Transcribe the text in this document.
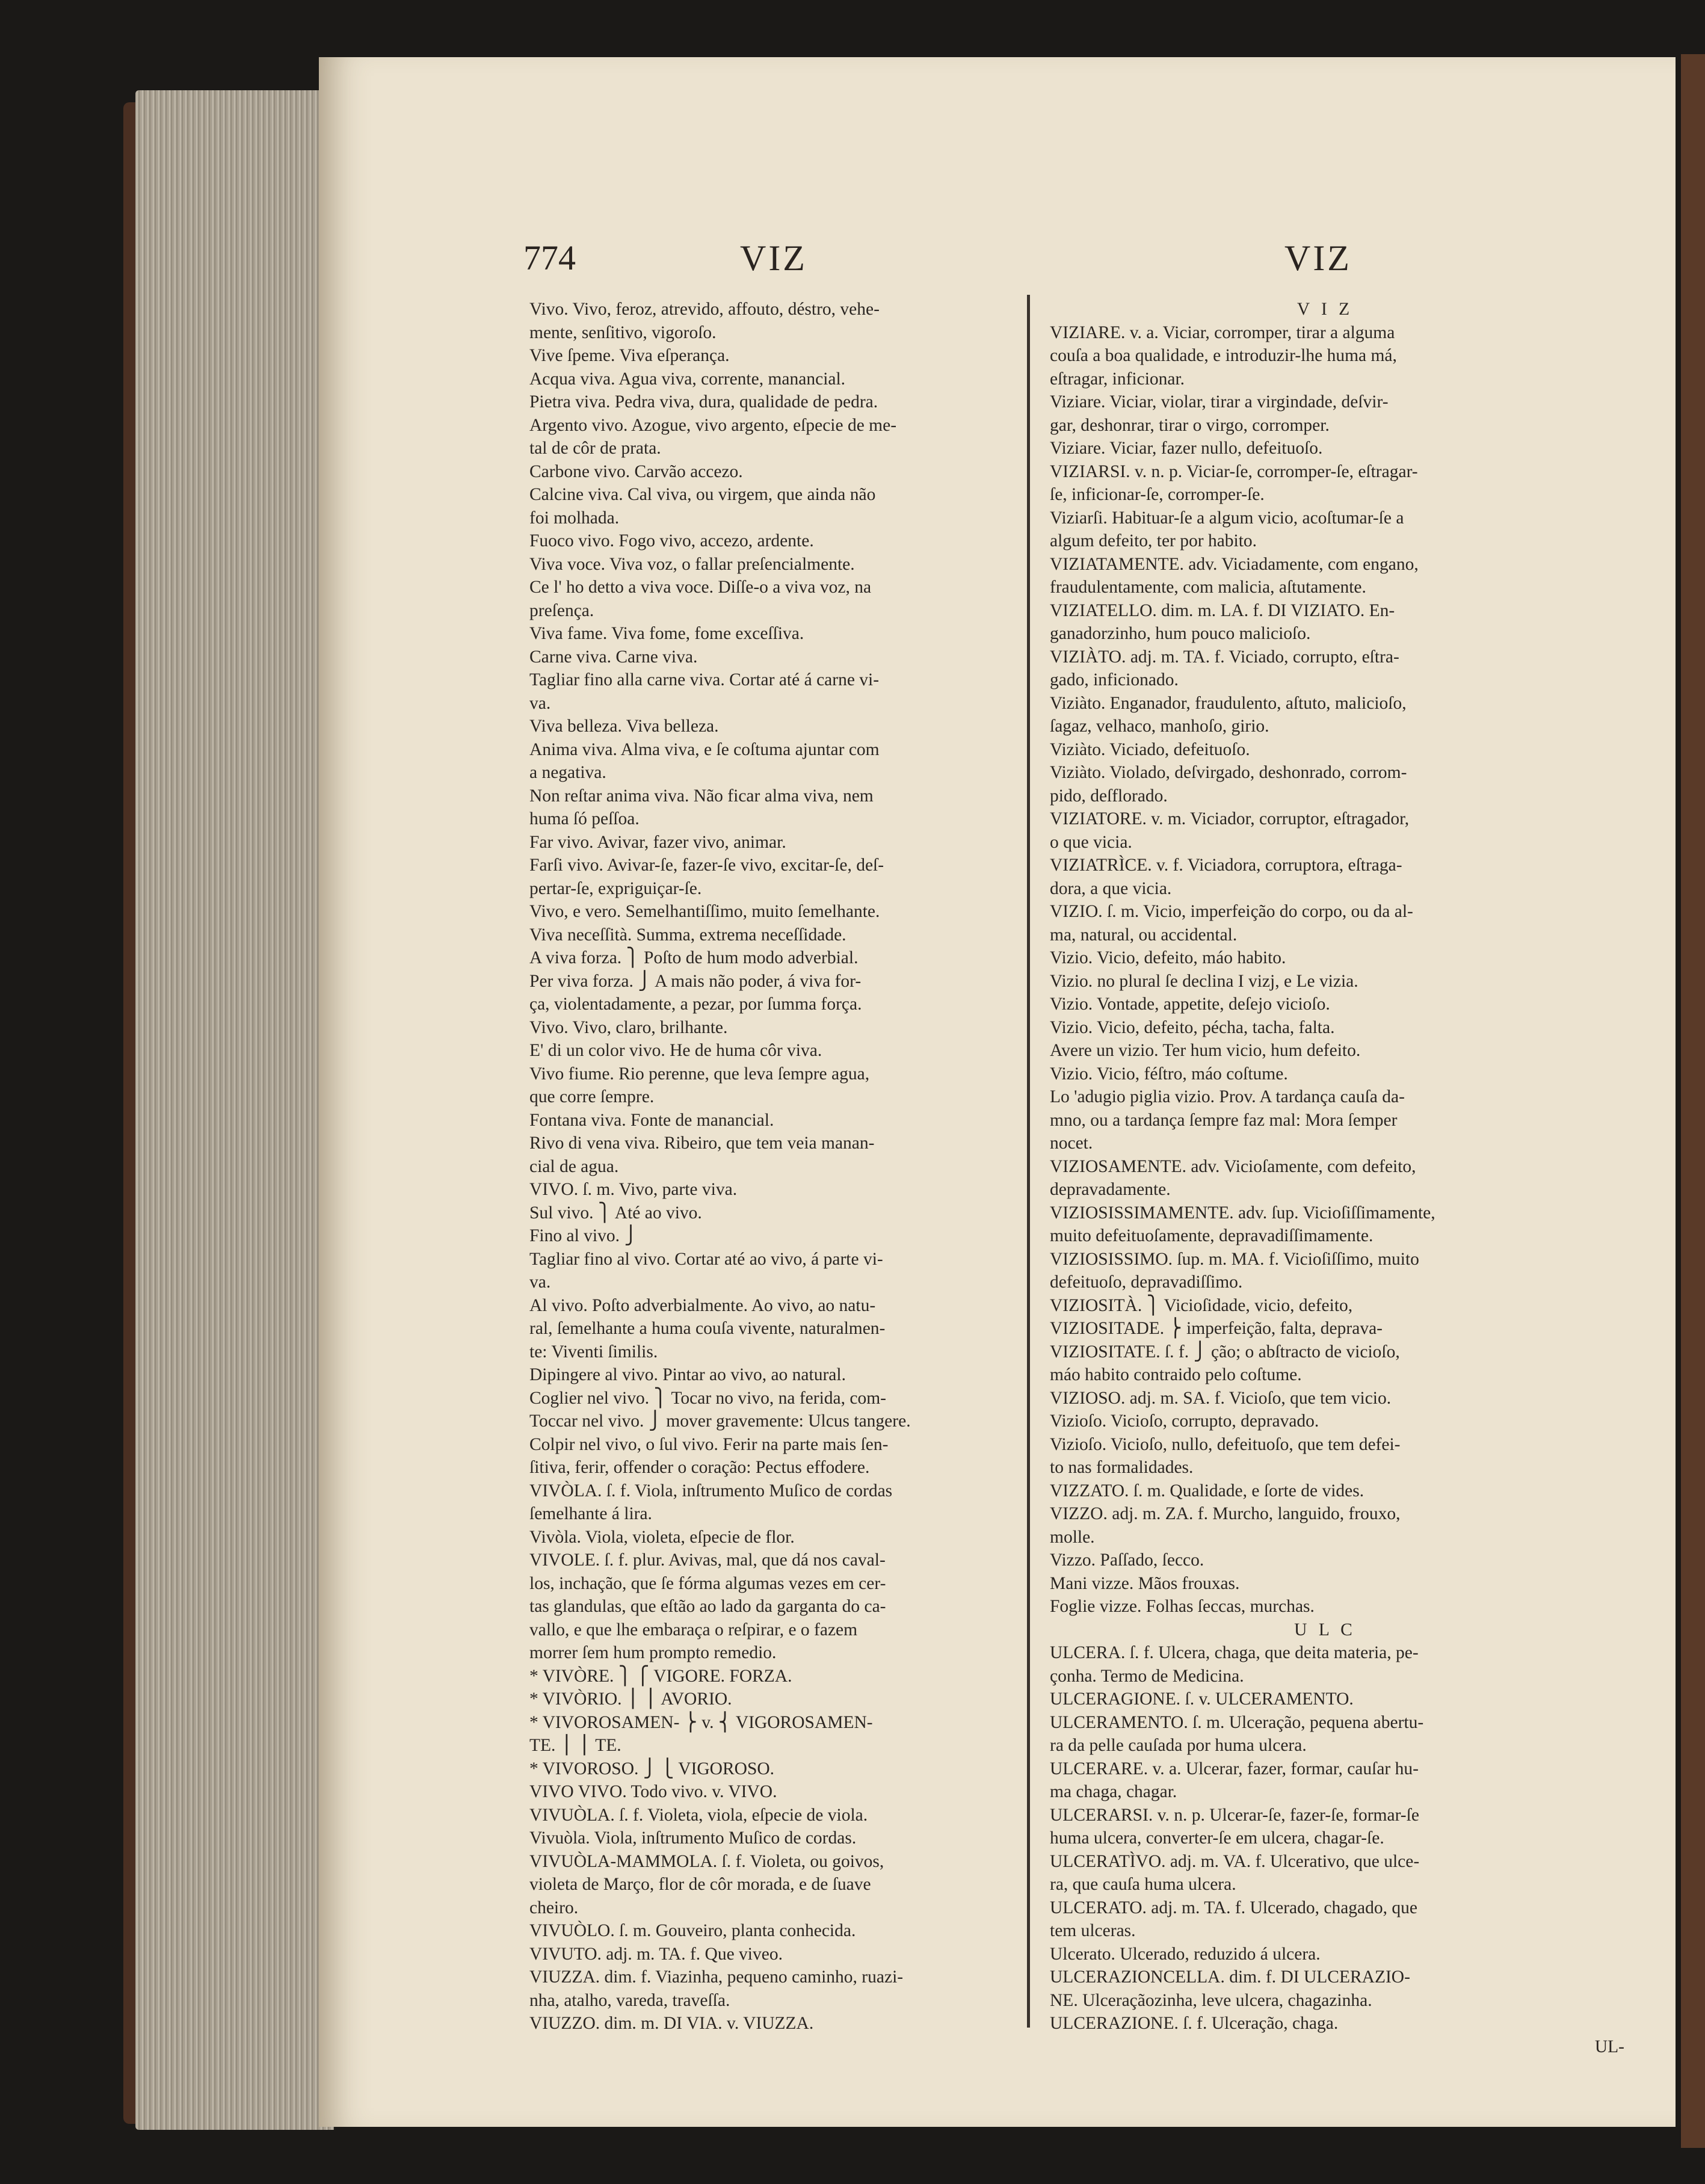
774	VIZ	VIZ

Vivo. Vivo, feroz, atrevido, affouto, déstro, vehe-

mente, senſitivo, vigoroſo.

Vive ſpeme. Viva eſperança.

Acqua viva. Agua viva, corrente, manancial.

Pietra viva. Pedra viva, dura, qualidade de pedra.

Argento vivo. Azogue, vivo argento, eſpecie de me-

tal de côr de prata.

Carbone vivo. Carvão accezo.

Calcine viva. Cal viva, ou virgem, que ainda não

foi molhada.

Fuoco vivo. Fogo vivo, accezo, ardente.

Viva voce. Viva voz, o fallar preſencialmente.

Ce l' ho detto a viva voce. Diſſe-o a viva voz, na

preſença.

Viva fame. Viva fome, fome exceſſiva.

Carne viva. Carne viva.

Tagliar fino alla carne viva. Cortar até á carne vi-

va.

Viva belleza. Viva belleza.

Anima viva. Alma viva, e ſe coſtuma ajuntar com

a negativa.

Non reſtar anima viva. Não ficar alma viva, nem

huma ſó peſſoa.

Far vivo. Avivar, fazer vivo, animar.

Farſi vivo. Avivar-ſe, fazer-ſe vivo, excitar-ſe, deſ-

pertar-ſe, expriguiçar-ſe.

Vivo, e vero. Semelhantiſſimo, muito ſemelhante.

Viva neceſſità. Summa, extrema neceſſidade.

A viva forza. ⎫ Poſto de hum modo adverbial.

Per viva forza. ⎭ A mais não poder, á viva for-

ça, violentadamente, a pezar, por ſumma força.

Vivo. Vivo, claro, brilhante.

E' di un color vivo. He de huma côr viva.

Vivo fiume. Rio perenne, que leva ſempre agua,

que corre ſempre.

Fontana viva. Fonte de manancial.

Rivo di vena viva. Ribeiro, que tem veia manan-

cial de agua.

VIVO. ſ. m. Vivo, parte viva.

Sul vivo. ⎫ Até ao vivo.

Fino al vivo. ⎭

Tagliar fino al vivo. Cortar até ao vivo, á parte vi-

va.

Al vivo. Poſto adverbialmente. Ao vivo, ao natu-

ral, ſemelhante a huma couſa vivente, naturalmen-

te: Viventi ſimilis.

Dipingere al vivo. Pintar ao vivo, ao natural.

Coglier nel vivo. ⎫ Tocar no vivo, na ferida, com-

Toccar nel vivo. ⎭ mover gravemente: Ulcus tangere.

Colpir nel vivo, o ſul vivo. Ferir na parte mais ſen-

ſitiva, ferir, offender o coração: Pectus effodere.

VIVÒLA. ſ. f. Viola, inſtrumento Muſico de cordas

ſemelhante á lira.

Vivòla. Viola, violeta, eſpecie de flor.

VIVOLE. ſ. f. plur. Avivas, mal, que dá nos caval-

los, inchação, que ſe fórma algumas vezes em cer-

tas glandulas, que eſtão ao lado da garganta do ca-

vallo, e que lhe embaraça o reſpirar, e o fazem

morrer ſem hum prompto remedio.

* VIVÒRE. ⎫ ⎧ VIGORE. FORZA.

* VIVÒRIO. ⎪ ⎪ AVORIO.

* VIVOROSAMEN- ⎬ v. ⎨ VIGOROSAMEN-

TE. ⎪ ⎪ TE.

* VIVOROSO. ⎭ ⎩ VIGOROSO.

VIVO VIVO. Todo vivo. v. VIVO.

VIVUÒLA. ſ. f. Violeta, viola, eſpecie de viola.

Vivuòla. Viola, inſtrumento Muſico de cordas.

VIVUÒLA-MAMMOLA. ſ. f. Violeta, ou goivos,

violeta de Março, flor de côr morada, e de ſuave

cheiro.

VIVUÒLO. ſ. m. Gouveiro, planta conhecida.

VIVUTO. adj. m. TA. f. Que viveo.

VIUZZA. dim. f. Viazinha, pequeno caminho, ruazi-

nha, atalho, vareda, traveſſa.

VIUZZO. dim. m. DI VIA. v. VIUZZA.

V I Z

VIZIARE. v. a. Viciar, corromper, tirar a alguma

couſa a boa qualidade, e introduzir-lhe huma má,

eſtragar, inficionar.

Viziare. Viciar, violar, tirar a virgindade, deſvir-

gar, deshonrar, tirar o virgo, corromper.

Viziare. Viciar, fazer nullo, defeituoſo.

VIZIARSI. v. n. p. Viciar-ſe, corromper-ſe, eſtragar-

ſe, inficionar-ſe, corromper-ſe.

Viziarſi. Habituar-ſe a algum vicio, acoſtumar-ſe a

algum defeito, ter por habito.

VIZIATAMENTE. adv. Viciadamente, com engano,

fraudulentamente, com malicia, aſtutamente.

VIZIATELLO. dim. m. LA. f. DI VIZIATO. En-

ganadorzinho, hum pouco malicioſo.

VIZIÀTO. adj. m. TA. f. Viciado, corrupto, eſtra-

gado, inficionado.

Viziàto. Enganador, fraudulento, aſtuto, malicioſo,

ſagaz, velhaco, manhoſo, girio.

Viziàto. Viciado, defeituoſo.

Viziàto. Violado, deſvirgado, deshonrado, corrom-

pido, deſflorado.

VIZIATORE. v. m. Viciador, corruptor, eſtragador,

o que vicia.

VIZIATRÌCE. v. f. Viciadora, corruptora, eſtraga-

dora, a que vicia.

VIZIO. ſ. m. Vicio, imperfeição do corpo, ou da al-

ma, natural, ou accidental.

Vizio. Vicio, defeito, máo habito.

Vizio. no plural ſe declina I vizj, e Le vizia.

Vizio. Vontade, appetite, deſejo vicioſo.

Vizio. Vicio, defeito, pécha, tacha, falta.

Avere un vizio. Ter hum vicio, hum defeito.

Vizio. Vicio, féſtro, máo coſtume.

Lo 'adugio piglia vizio. Prov. A tardança cauſa da-

mno, ou a tardança ſempre faz mal: Mora ſemper

nocet.

VIZIOSAMENTE. adv. Vicioſamente, com defeito,

depravadamente.

VIZIOSISSIMAMENTE. adv. ſup. Vicioſiſſimamente,

muito defeituoſamente, depravadiſſimamente.

VIZIOSISSIMO. ſup. m. MA. f. Vicioſiſſimo, muito

defeituoſo, depravadiſſimo.

VIZIOSITÀ. ⎫ Vicioſidade, vicio, defeito,

VIZIOSITADE. ⎬ imperfeição, falta, deprava-

VIZIOSITATE. ſ. f. ⎭ ção; o abſtracto de vicioſo,

máo habito contraido pelo coſtume.

VIZIOSO. adj. m. SA. f. Vicioſo, que tem vicio.

Vizioſo. Vicioſo, corrupto, depravado.

Vizioſo. Vicioſo, nullo, defeituoſo, que tem defei-

to nas formalidades.

VIZZATO. ſ. m. Qualidade, e ſorte de vides.

VIZZO. adj. m. ZA. f. Murcho, languido, frouxo,

molle.

Vizzo. Paſſado, ſecco.

Mani vizze. Mãos frouxas.

Foglie vizze. Folhas ſeccas, murchas.

U L C

ULCERA. ſ. f. Ulcera, chaga, que deita materia, pe-

çonha. Termo de Medicina.

ULCERAGIONE. ſ. v. ULCERAMENTO.

ULCERAMENTO. ſ. m. Ulceração, pequena abertu-

ra da pelle cauſada por huma ulcera.

ULCERARE. v. a. Ulcerar, fazer, formar, cauſar hu-

ma chaga, chagar.

ULCERARSI. v. n. p. Ulcerar-ſe, fazer-ſe, formar-ſe

huma ulcera, converter-ſe em ulcera, chagar-ſe.

ULCERATÌVO. adj. m. VA. f. Ulcerativo, que ulce-

ra, que cauſa huma ulcera.

ULCERATO. adj. m. TA. f. Ulcerado, chagado, que

tem ulceras.

Ulcerato. Ulcerado, reduzido á ulcera.

ULCERAZIONCELLA. dim. f. DI ULCERAZIO-

NE. Ulceraçãozinha, leve ulcera, chagazinha.

ULCERAZIONE. ſ. f. Ulceração, chaga.

UL-
